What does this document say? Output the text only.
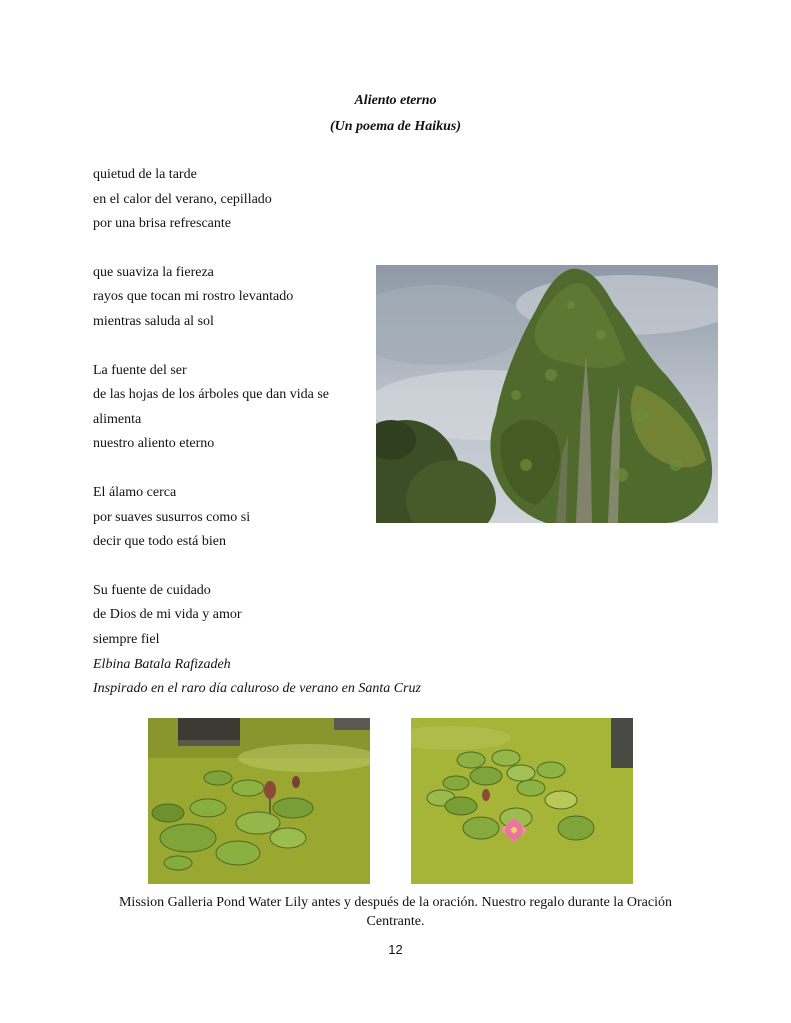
Aliento eterno
(Un poema de Haikus)
quietud de la tarde
en el calor del verano, cepillado
por una brisa refrescante
que suaviza la fiereza
rayos que tocan mi rostro levantado
mientras saluda al sol
La fuente del ser
de las hojas de los árboles que dan vida se alimenta
nuestro aliento eterno
El álamo cerca
por suaves susurros como si
decir que todo está bien
Su fuente de cuidado
de Dios de mi vida y amor
siempre fiel
Elbina Batala Rafizadeh
Inspirado en el raro día caluroso de verano en Santa Cruz
Mission Galleria Pond Water Lily antes y después de la oración. Nuestro regalo durante la Oración Centrante.
12
